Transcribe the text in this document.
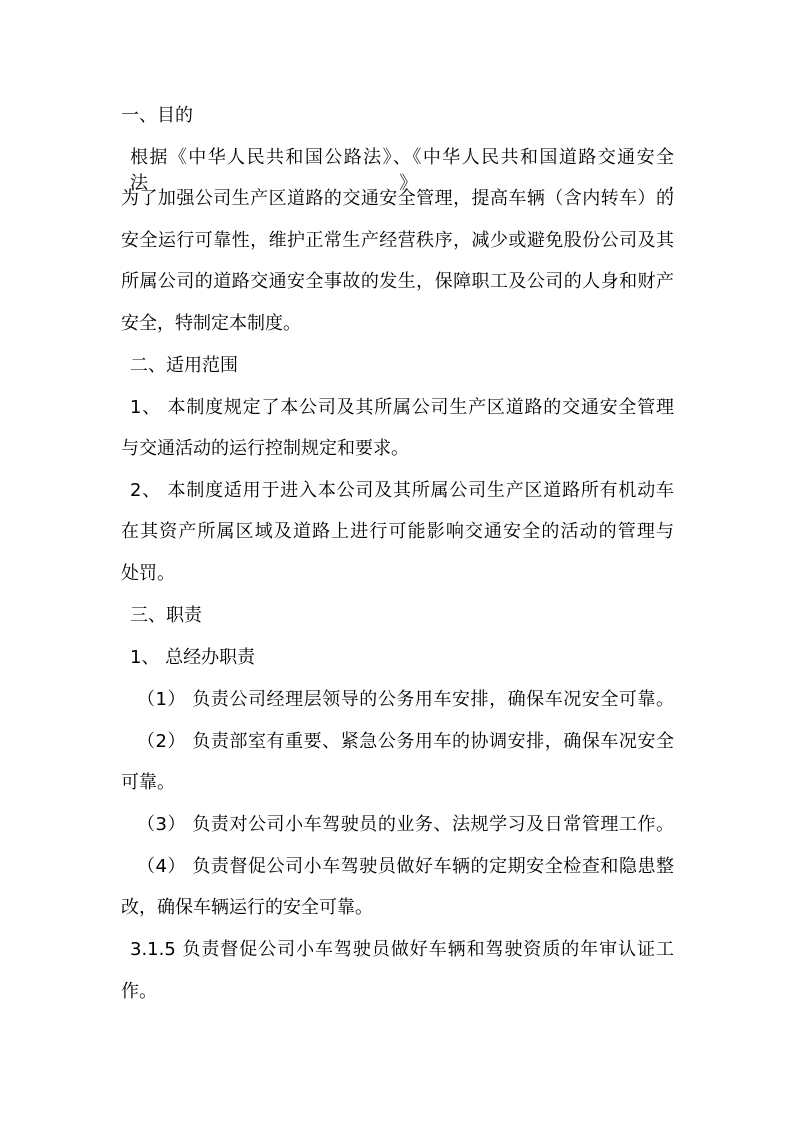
一、目的
根据《中华人民共和国公路法》、《中华人民共和国道路交通安全法》,
为了加强公司生产区道路的交通安全管理，提高车辆（含内转车）的
安全运行可靠性，维护正常生产经营秩序，减少或避免股份公司及其
所属公司的道路交通安全事故的发生，保障职工及公司的人身和财产
安全，特制定本制度。
二、适用范围
1、 本制度规定了本公司及其所属公司生产区道路的交通安全管理
与交通活动的运行控制规定和要求。
2、 本制度适用于进入本公司及其所属公司生产区道路所有机动车
在其资产所属区域及道路上进行可能影响交通安全的活动的管理与
处罚。
三、职责
1、 总经办职责
（1） 负责公司经理层领导的公务用车安排，确保车况安全可靠。
（2） 负责部室有重要、紧急公务用车的协调安排，确保车况安全
可靠。
（3） 负责对公司小车驾驶员的业务、法规学习及日常管理工作。
（4） 负责督促公司小车驾驶员做好车辆的定期安全检查和隐患整
改，确保车辆运行的安全可靠。
3.1.5 负责督促公司小车驾驶员做好车辆和驾驶资质的年审认证工
作。
